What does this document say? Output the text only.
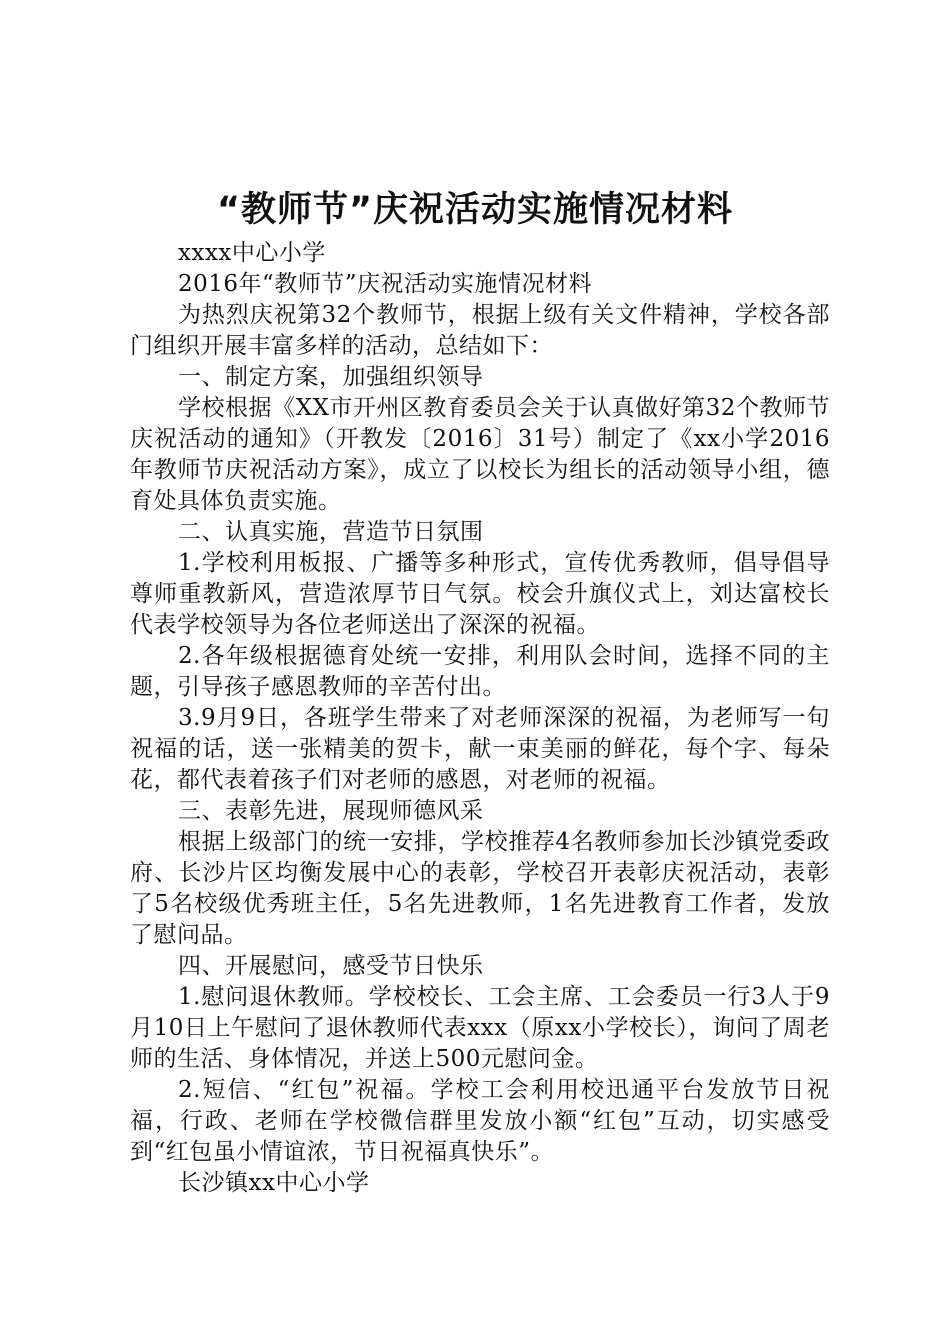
“教师节”庆祝活动实施情况材料

xxxx中心小学

2016年“教师节”庆祝活动实施情况材料

为热烈庆祝第32个教师节，根据上级有关文件精神，学校各部门组织开展丰富多样的活动，总结如下：

一、制定方案，加强组织领导

学校根据《XX市开州区教育委员会关于认真做好第32个教师节庆祝活动的通知》（开教发〔2016〕31号）制定了《xx小学2016年教师节庆祝活动方案》，成立了以校长为组长的活动领导小组，德育处具体负责实施。

二、认真实施，营造节日氛围

1.学校利用板报、广播等多种形式，宣传优秀教师，倡导倡导尊师重教新风，营造浓厚节日气氛。校会升旗仪式上，刘达富校长代表学校领导为各位老师送出了深深的祝福。

2.各年级根据德育处统一安排，利用队会时间，选择不同的主题，引导孩子感恩教师的辛苦付出。

3.9月9日，各班学生带来了对老师深深的祝福，为老师写一句祝福的话，送一张精美的贺卡，献一束美丽的鲜花，每个字、每朵花，都代表着孩子们对老师的感恩，对老师的祝福。

三、表彰先进，展现师德风采

根据上级部门的统一安排，学校推荐4名教师参加长沙镇党委政府、长沙片区均衡发展中心的表彰，学校召开表彰庆祝活动，表彰了5名校级优秀班主任，5名先进教师，1名先进教育工作者，发放了慰问品。

四、开展慰问，感受节日快乐

1.慰问退休教师。学校校长、工会主席、工会委员一行3人于9月10日上午慰问了退休教师代表xxx（原xx小学校长），询问了周老师的生活、身体情况，并送上500元慰问金。

2.短信、“红包”祝福。学校工会利用校迅通平台发放节日祝福，行政、老师在学校微信群里发放小额“红包”互动，切实感受到“红包虽小情谊浓，节日祝福真快乐”。

长沙镇xx中心小学
